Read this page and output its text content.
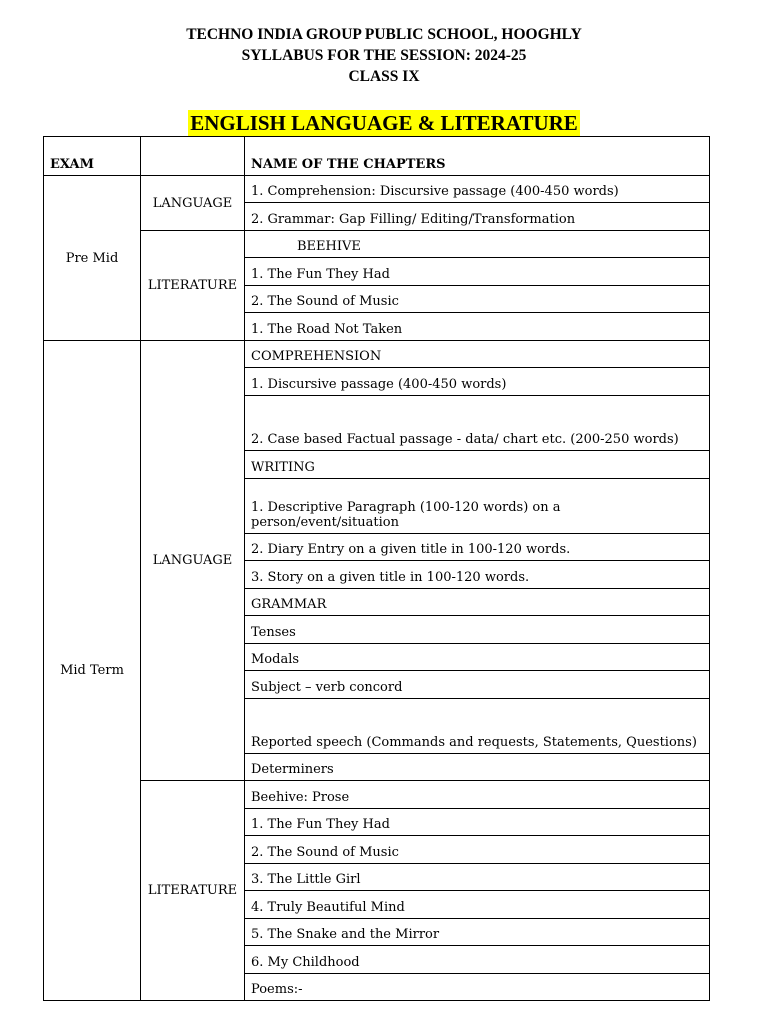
TECHNO INDIA GROUP PUBLIC SCHOOL, HOOGHLY
SYLLABUS FOR THE SESSION: 2024-25
CLASS IX
ENGLISH LANGUAGE & LITERATURE
EXAM		NAME OF THE CHAPTERS
Pre Mid	LANGUAGE	1. Comprehension: Discursive passage (400-450 words)
		2. Grammar: Gap Filling/ Editing/Transformation
	LITERATURE	BEEHIVE
		1. The Fun They Had
		2. The Sound of Music
		1. The Road Not Taken
Mid Term	LANGUAGE	COMPREHENSION
		1. Discursive passage (400-450 words)
		2. Case based Factual passage - data/ chart etc. (200-250 words)
		WRITING
		1. Descriptive Paragraph (100-120 words) on a person/event/situation
		2. Diary Entry on a given title in 100-120 words.
		3. Story on a given title in 100-120 words.
		GRAMMAR
		Tenses
		Modals
		Subject – verb concord
		Reported speech (Commands and requests, Statements, Questions)
		Determiners
	LITERATURE	Beehive: Prose
		1. The Fun They Had
		2. The Sound of Music
		3. The Little Girl
		4. Truly Beautiful Mind
		5. The Snake and the Mirror
		6. My Childhood
		Poems:-
